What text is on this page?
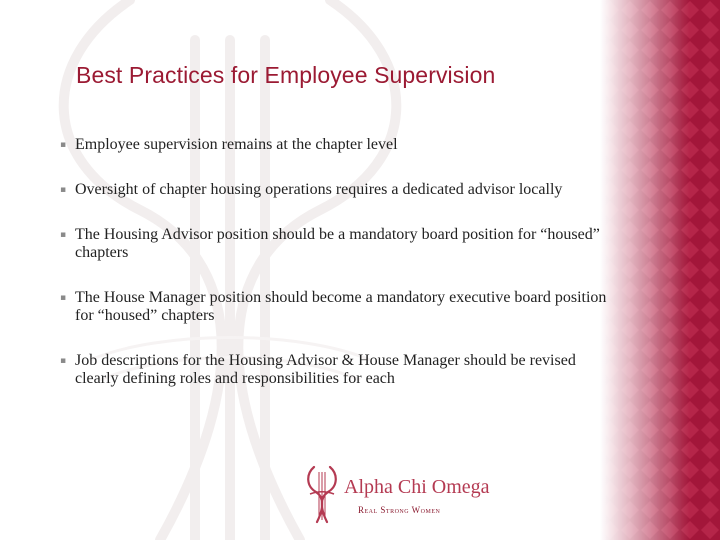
Best Practices for Employee Supervision
▪ Employee supervision remains at the chapter level
▪ Oversight of chapter housing operations requires a dedicated advisor locally
▪ The Housing Advisor position should be a mandatory board position for “housed” chapters
▪ The House Manager position should become a mandatory executive board position for “housed” chapters
▪ Job descriptions for the Housing Advisor & House Manager should be revised clearly defining roles and responsibilities for each

Alpha Chi Omega

Real Strong Women
